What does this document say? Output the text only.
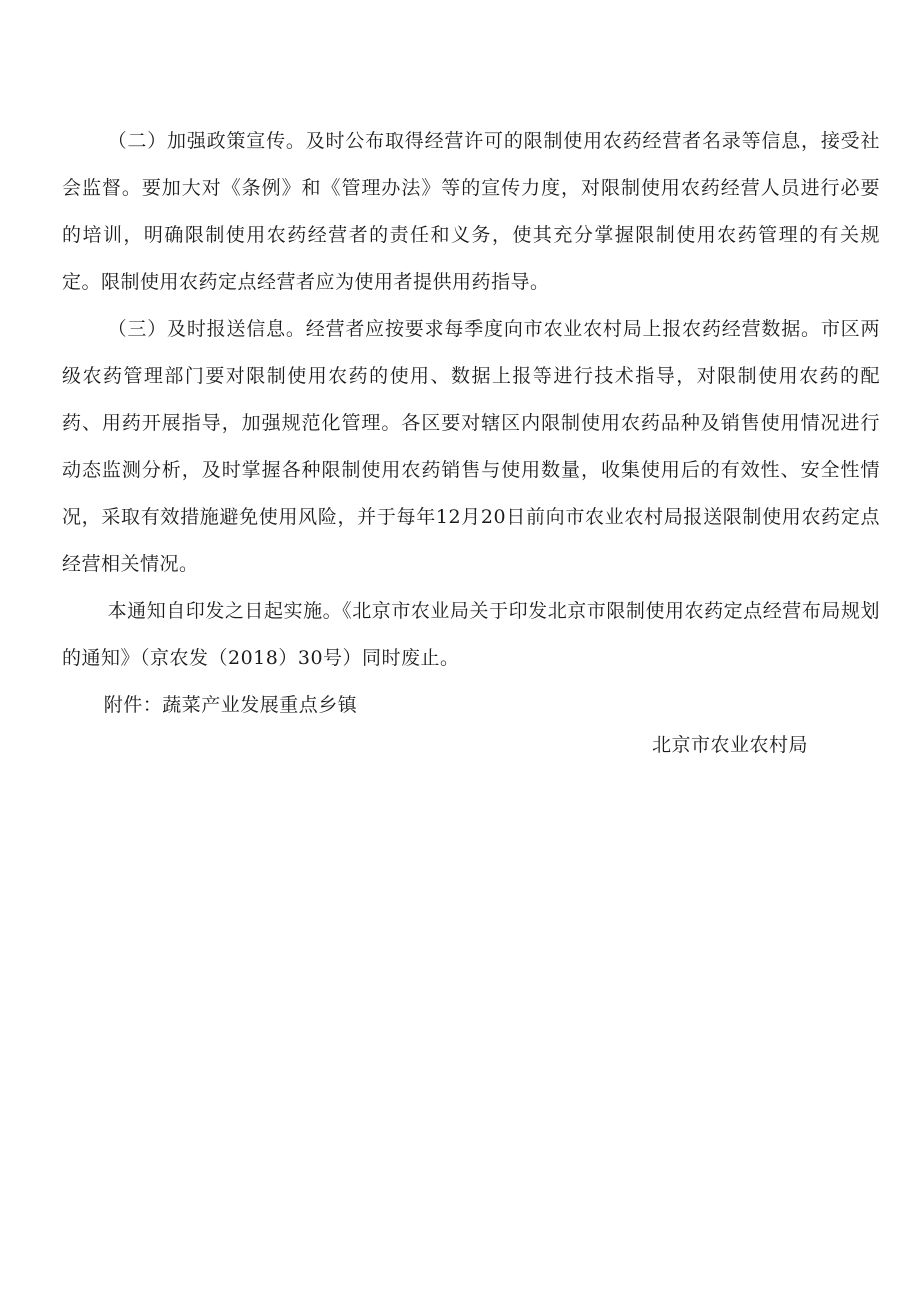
（二）加强政策宣传。及时公布取得经营许可的限制使用农药经营者名录等信息，接受社会监督。要加大对《条例》和《管理办法》等的宣传力度，对限制使用农药经营人员进行必要的培训，明确限制使用农药经营者的责任和义务，使其充分掌握限制使用农药管理的有关规定。限制使用农药定点经营者应为使用者提供用药指导。

（三）及时报送信息。经营者应按要求每季度向市农业农村局上报农药经营数据。市区两级农药管理部门要对限制使用农药的使用、数据上报等进行技术指导，对限制使用农药的配药、用药开展指导，加强规范化管理。各区要对辖区内限制使用农药品种及销售使用情况进行动态监测分析，及时掌握各种限制使用农药销售与使用数量，收集使用后的有效性、安全性情况，采取有效措施避免使用风险，并于每年12月20日前向市农业农村局报送限制使用农药定点经营相关情况。

本通知自印发之日起实施。《北京市农业局关于印发北京市限制使用农药定点经营布局规划的通知》（京农发（2018）30号）同时废止。

附件：蔬菜产业发展重点乡镇

北京市农业农村局
